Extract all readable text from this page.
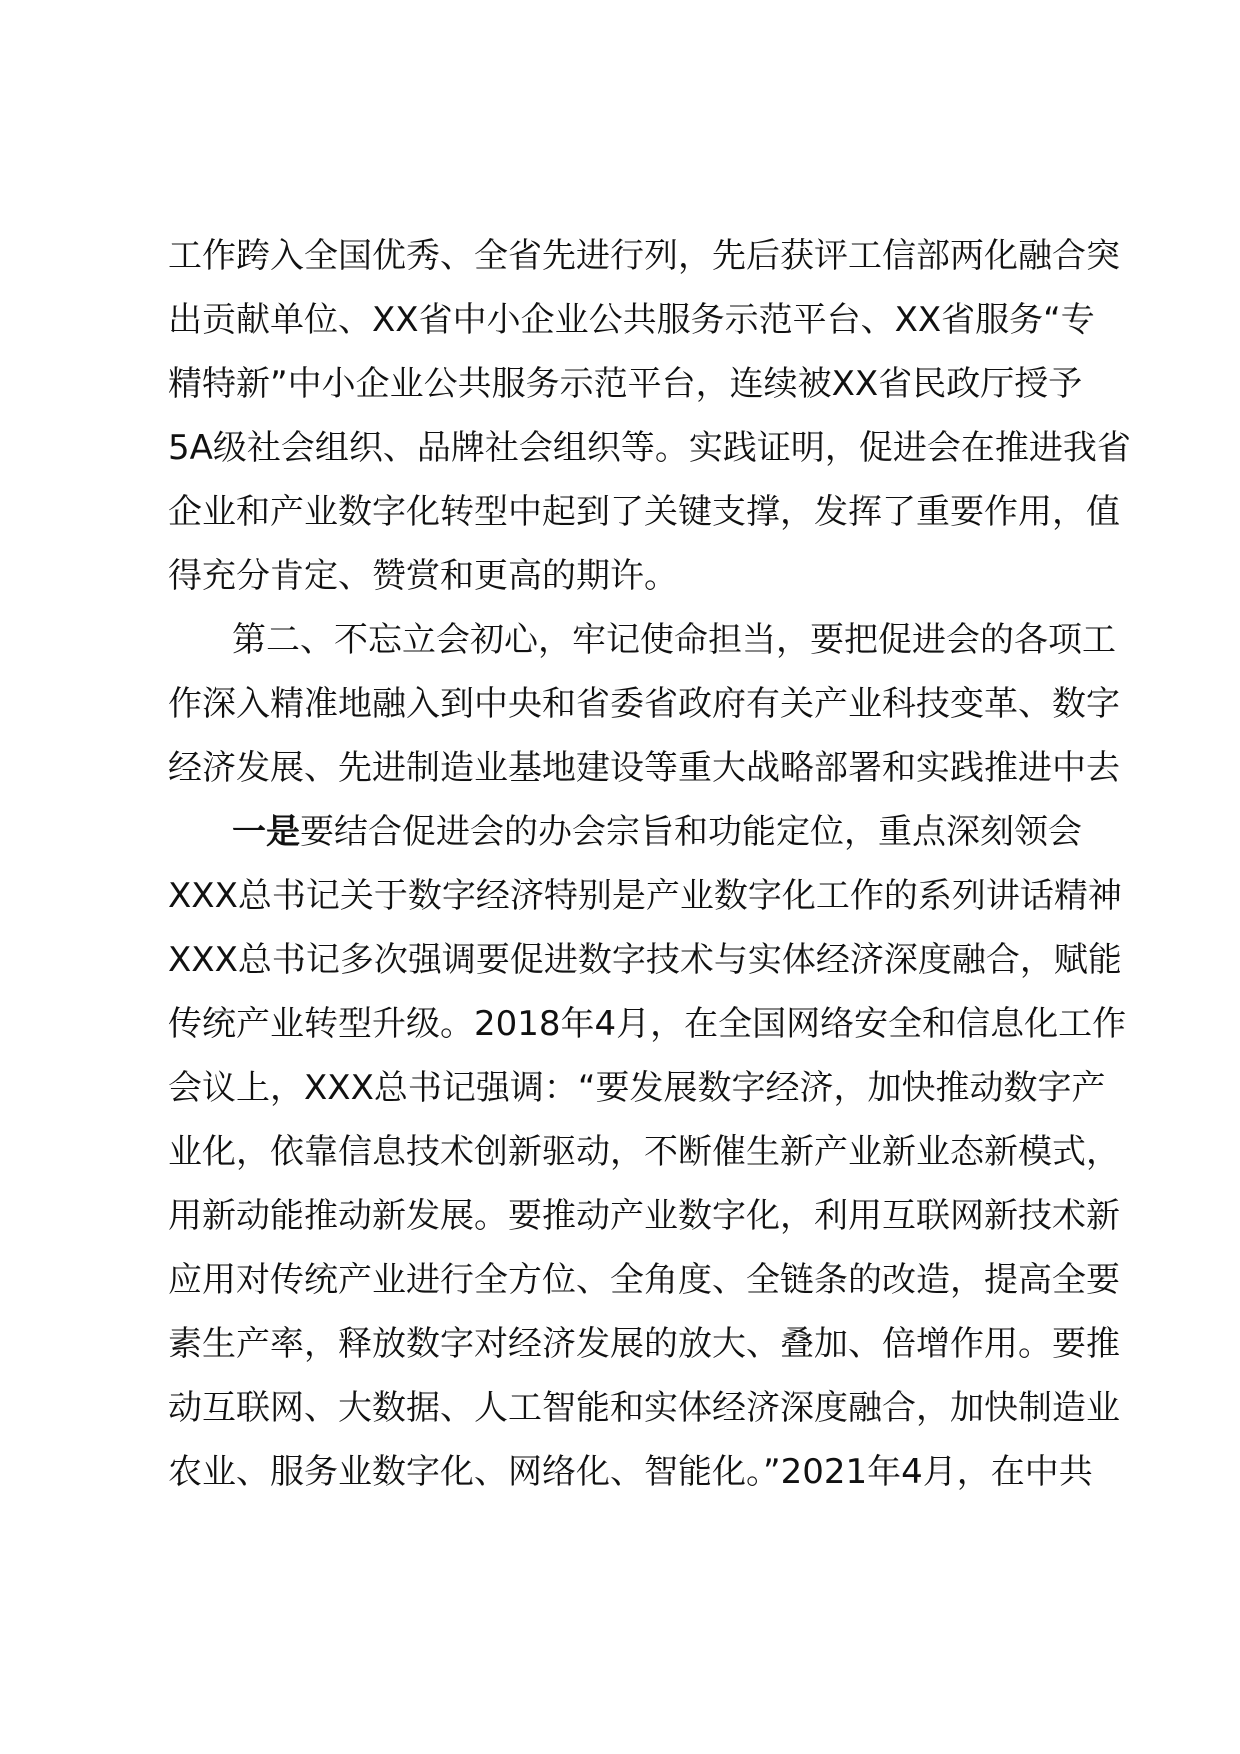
工作跨入全国优秀、全省先进行列，先后获评工信部两化融合突
出贡献单位、XX省中小企业公共服务示范平台、XX省服务“专
精特新”中小企业公共服务示范平台，连续被XX省民政厅授予
5A级社会组织、品牌社会组织等。实践证明，促进会在推进我省
企业和产业数字化转型中起到了关键支撑，发挥了重要作用，值
得充分肯定、赞赏和更高的期许。
第二、不忘立会初心，牢记使命担当，要把促进会的各项工
作深入精准地融入到中央和省委省政府有关产业科技变革、数字
经济发展、先进制造业基地建设等重大战略部署和实践推进中去
一是要结合促进会的办会宗旨和功能定位，重点深刻领会
XXX总书记关于数字经济特别是产业数字化工作的系列讲话精神
XXX总书记多次强调要促进数字技术与实体经济深度融合，赋能
传统产业转型升级。2018年4月，在全国网络安全和信息化工作
会议上，XXX总书记强调：“要发展数字经济，加快推动数字产
业化，依靠信息技术创新驱动，不断催生新产业新业态新模式，
用新动能推动新发展。要推动产业数字化，利用互联网新技术新
应用对传统产业进行全方位、全角度、全链条的改造，提高全要
素生产率，释放数字对经济发展的放大、叠加、倍增作用。要推
动互联网、大数据、人工智能和实体经济深度融合，加快制造业
农业、服务业数字化、网络化、智能化。”2021年4月，在中共
